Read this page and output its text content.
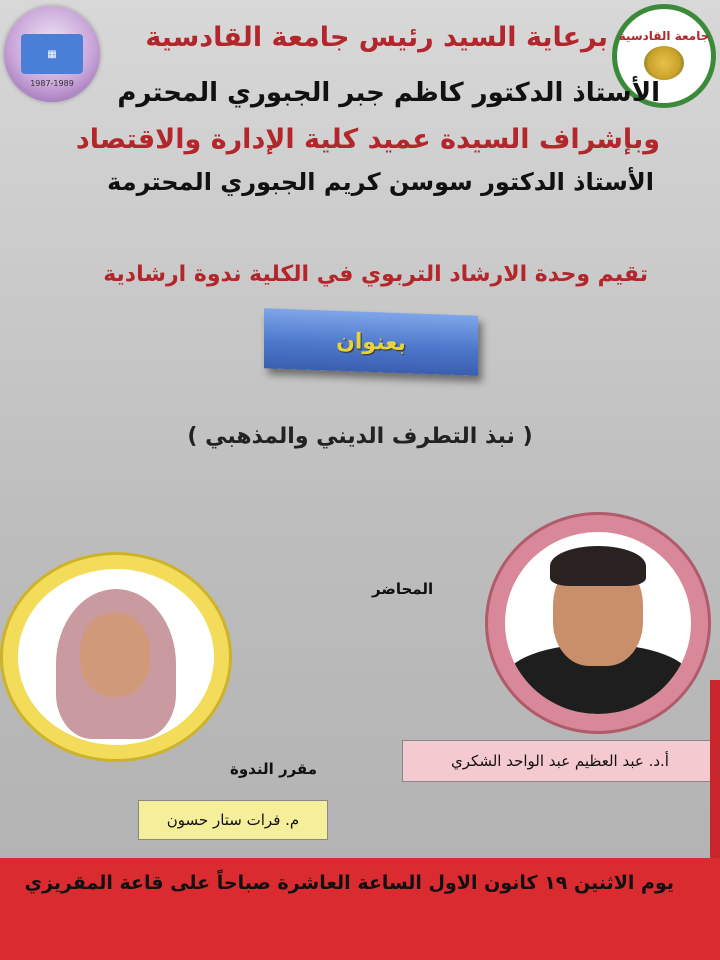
▦
1987-1989
جامعة القادسية
برعاية السيد رئيس جامعة القادسية
الأستاذ الدكتور كاظم جبر الجبوري المحترم
وبإشراف السيدة عميد كلية الإدارة والاقتصاد
الأستاذ الدكتور سوسن كريم الجبوري المحترمة
تقيم وحدة الارشاد التربوي في الكلية ندوة ارشادية
بعنوان
( نبذ التطرف الديني والمذهبي )
المحاضر
أ.د. عبد العظيم عبد الواحد الشكري
مقرر الندوة
م. فرات ستار حسون
يوم الاثنين ١٩ كانون الاول الساعة العاشرة صباحاً على قاعة المقريزي
